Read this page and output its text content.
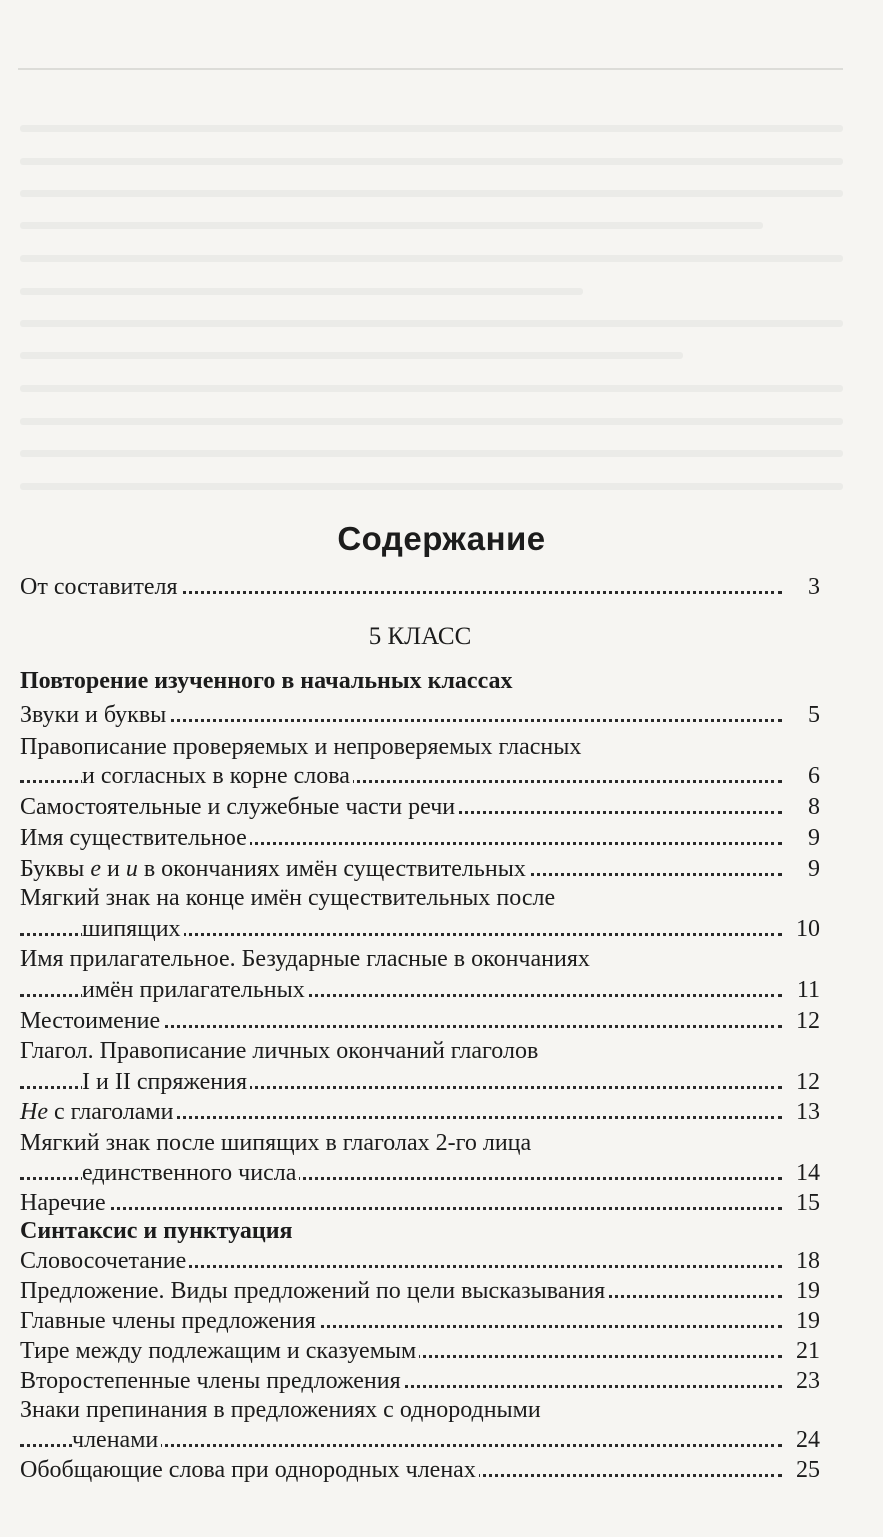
Содержание
От составителя	3
5 КЛАСС
Повторение изученного в начальных классах
Звуки и буквы	5
Правописание проверяемых и непроверяемых гласных
и согласных в корне слова	6
Самостоятельные и служебные части речи	8
Имя существительное	9
Буквы е и и в окончаниях имён существительных	9
Мягкий знак на конце имён существительных после
шипящих	10
Имя прилагательное. Безударные гласные в окончаниях
имён прилагательных	11
Местоимение	12
Глагол. Правописание личных окончаний глаголов
I и II спряжения	12
Не с глаголами	13
Мягкий знак после шипящих в глаголах 2-го лица
единственного числа	14
Наречие	15
Синтаксис и пунктуация
Словосочетание	18
Предложение. Виды предложений по цели высказывания	19
Главные члены предложения	19
Тире между подлежащим и сказуемым	21
Второстепенные члены предложения	23
Знаки препинания в предложениях с однородными
членами	24
Обобщающие слова при однородных членах	25
